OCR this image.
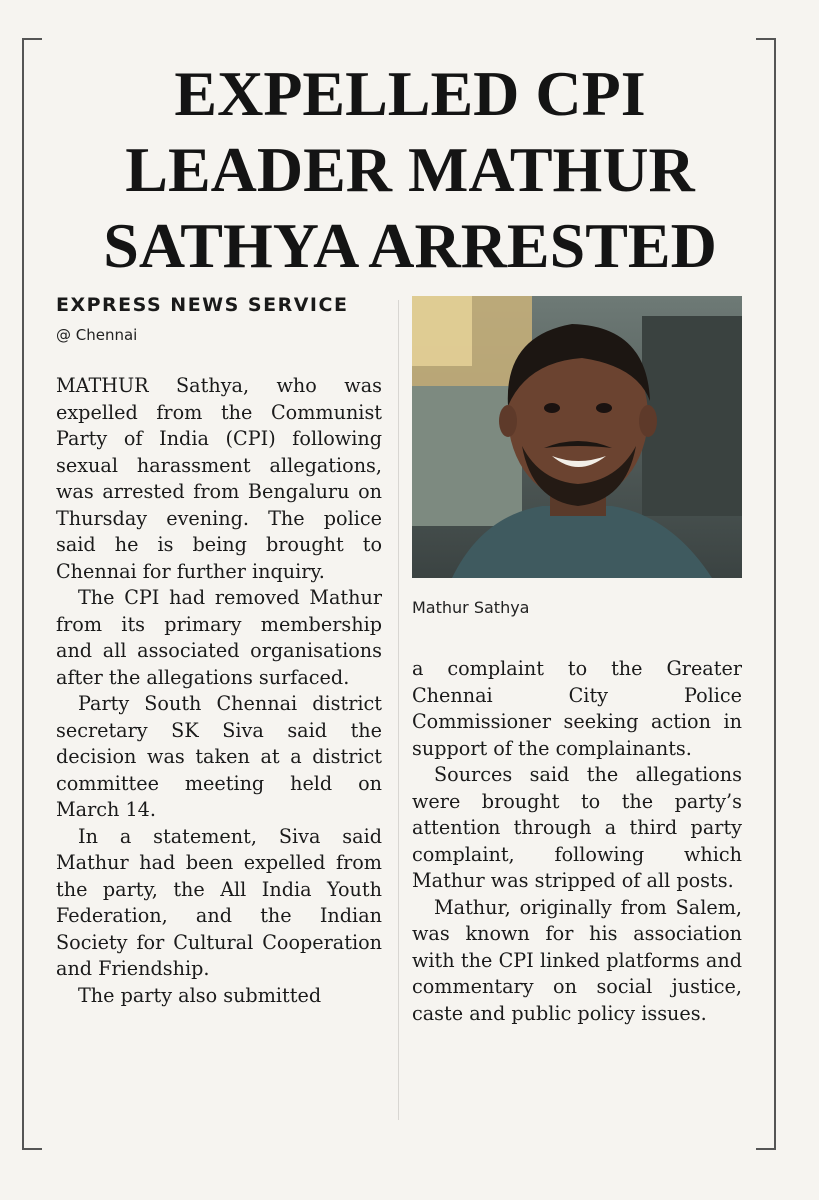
EXPELLED CPI
LEADER MATHUR
SATHYA ARRESTED
EXPRESS NEWS SERVICE
@ Chennai

MATHUR Sathya, who was expelled from the Communist Party of India (CPI) following sexual harassment allegations, was arrested from Bengaluru on Thursday evening. The police said he is being brought to Chennai for further inquiry.

The CPI had removed Mathur from its primary membership and all associated organisations after the allegations surfaced.

Party South Chennai district secretary SK Siva said the decision was taken at a district committee meeting held on March 14.

In a statement, Siva said Mathur had been expelled from the party, the All India Youth Federation, and the Indian Society for Cultural Cooperation and Friendship.

The party also submitted

Mathur Sathya

a complaint to the Greater Chennai City Police Commissioner seeking action in support of the complainants.

Sources said the allegations were brought to the party’s attention through a third party complaint, following which Mathur was stripped of all posts.

Mathur, originally from Salem, was known for his association with the CPI linked platforms and commentary on social justice, caste and public policy issues.
